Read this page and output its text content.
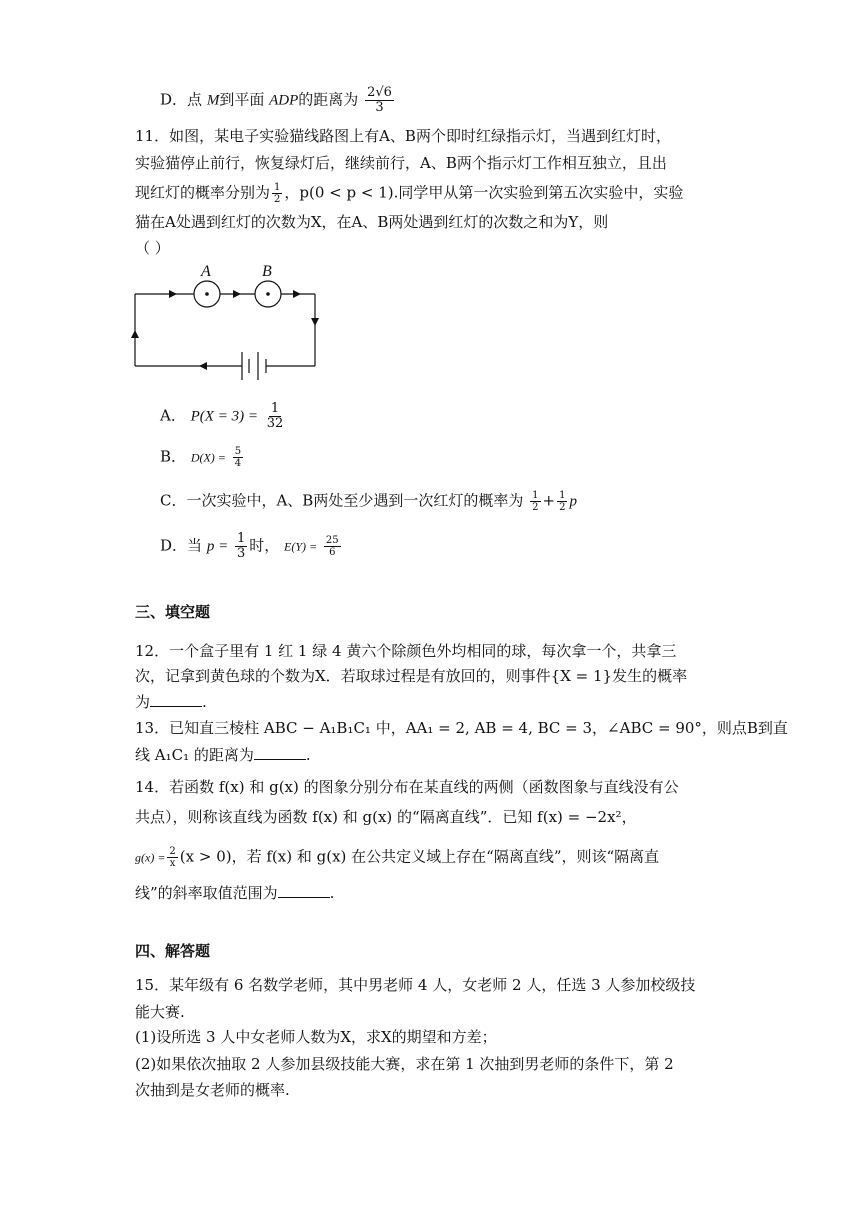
D．点 M到平面 ADP的距离为 $\frac{2√6}{3}$
11．如图，某电子实验猫线路图上有A、B两个即时红绿指示灯，当遇到红灯时，
实验猫停止前行，恢复绿灯后，继续前行，A、B两个指示灯工作相互独立，且出
现红灯的概率分别为 $\frac{1}{2}$ ，p(0 < p < 1).同学甲从第一次实验到第五次实验中，实验
猫在A处遇到红灯的次数为X，在A、B两处遇到红灯的次数之和为Y，则
（ ）
A	B
A． $P(X = 3) = \frac{1}{32}$
B． $D(X) = \frac{5}{4}$
C．一次实验中，A、B两处至少遇到一次红灯的概率为 $\frac{1}{2} + \frac{1}{2}$ p
D．当 $p = \frac{1}{3}$ 时， $E(Y) = \frac{25}{6}$
三、填空题
12．一个盒子里有 1 红 1 绿 4 黄六个除颜色外均相同的球，每次拿一个，共拿三
次，记拿到黄色球的个数为X．若取球过程是有放回的，则事件{X = 1}发生的概率
为	.
13．已知直三棱柱 ABC − A₁B₁C₁ 中，AA₁ = 2, AB = 4, BC = 3，∠ABC = 90°，则点B到直
线 A₁C₁ 的距离为	.
14．若函数 f(x) 和 g(x) 的图象分别分布在某直线的两侧（函数图象与直线没有公
共点），则称该直线为函数 f(x) 和 g(x) 的“隔离直线”．已知 f(x) = −2x²，
$g(x) = \frac{2}{x} (x > 0)$，若 f(x) 和 g(x) 在公共定义域上存在“隔离直线”，则该“隔离直
线”的斜率取值范围为	.
四、解答题
15．某年级有 6 名数学老师，其中男老师 4 人，女老师 2 人，任选 3 人参加校级技
能大赛.
(1)设所选 3 人中女老师人数为X，求X的期望和方差；
(2)如果依次抽取 2 人参加县级技能大赛，求在第 1 次抽到男老师的条件下，第 2
次抽到是女老师的概率.
